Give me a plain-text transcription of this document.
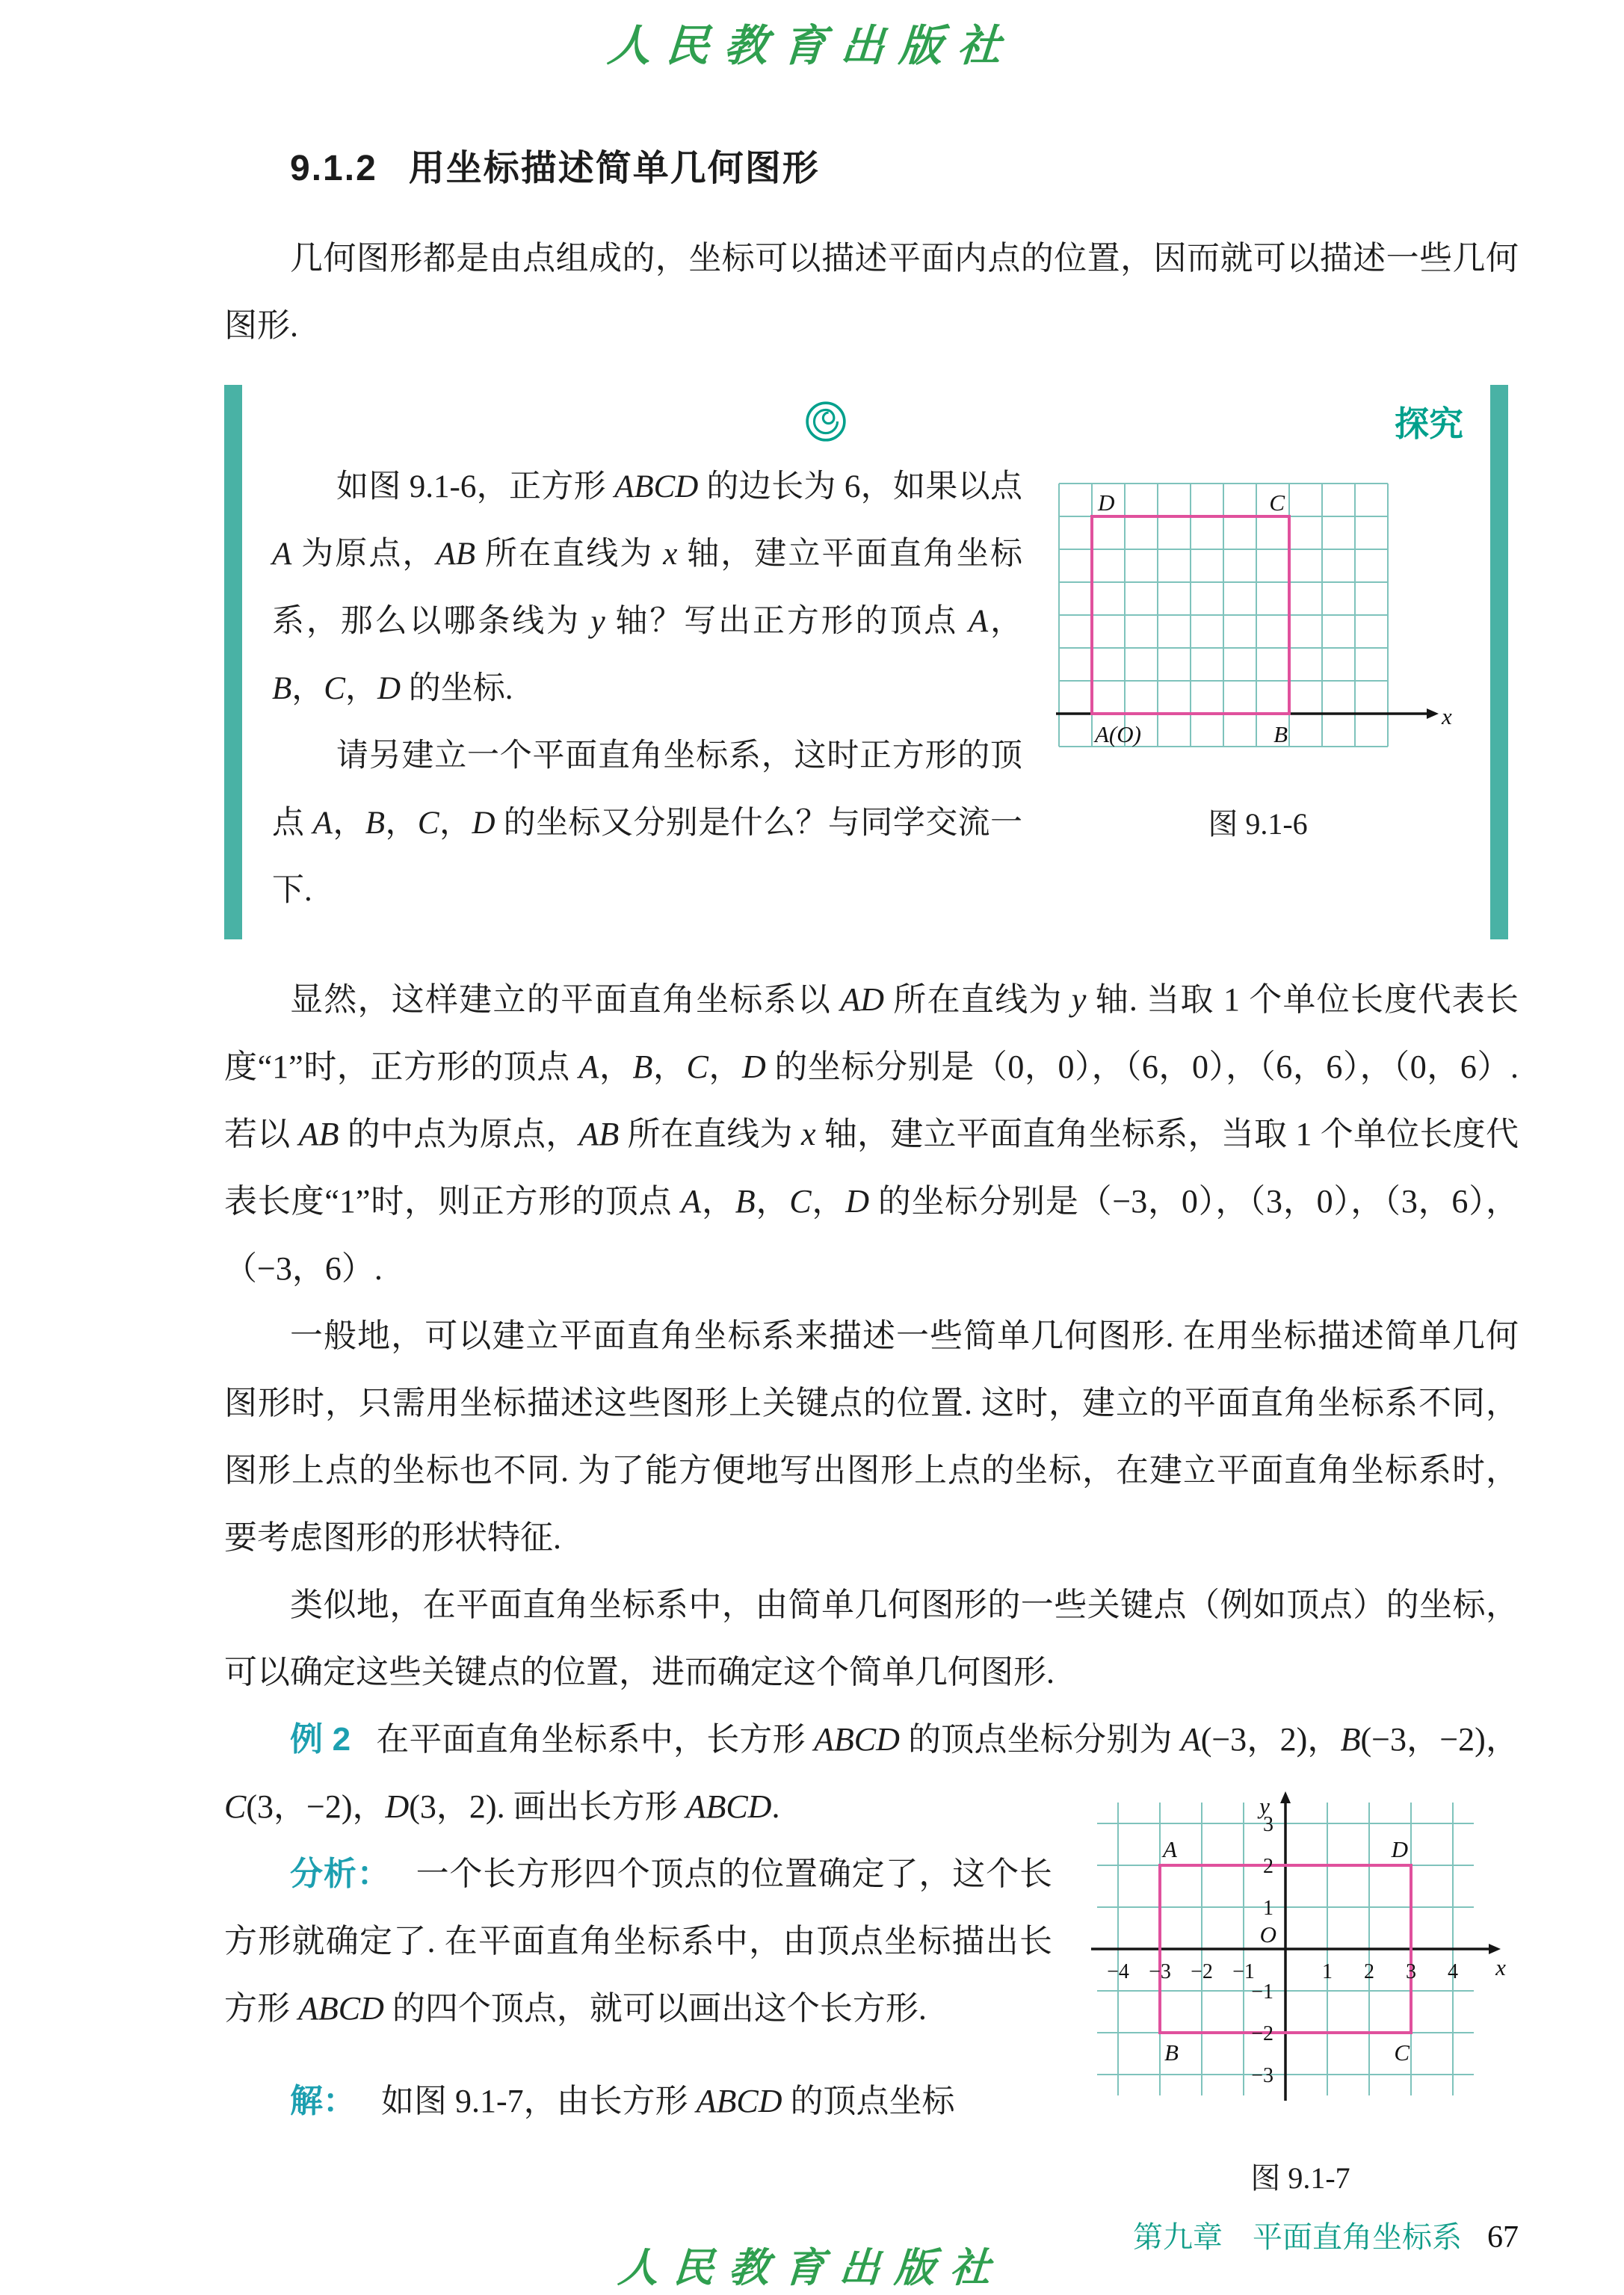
人民教育出版社
9.1.2 用坐标描述简单几何图形

几何图形都是由点组成的，坐标可以描述平面内点的位置，因而就可以描述一些几何图形.

探究

如图 9.1-6，正方形 ABCD 的边长为 6，如果以点 A 为原点，AB 所在直线为 x 轴，建立平面直角坐标系，那么以哪条线为 y 轴？写出正方形的顶点 A，B，C，D 的坐标.

请另建立一个平面直角坐标系，这时正方形的顶点 A，B，C，D 的坐标又分别是什么？与同学交流一下.

D	C
A(O)	B
x
图 9.1-6

显然，这样建立的平面直角坐标系以 AD 所在直线为 y 轴. 当取 1 个单位长度代表长度“1”时，正方形的顶点 A，B，C，D 的坐标分别是（0，0），（6，0），（6，6），（0，6）. 若以 AB 的中点为原点，AB 所在直线为 x 轴，建立平面直角坐标系，当取 1 个单位长度代表长度“1”时，则正方形的顶点 A，B，C，D 的坐标分别是（−3，0），（3，0），（3，6），（−3，6）.

一般地，可以建立平面直角坐标系来描述一些简单几何图形. 在用坐标描述简单几何图形时，只需用坐标描述这些图形上关键点的位置. 这时，建立的平面直角坐标系不同，图形上点的坐标也不同. 为了能方便地写出图形上点的坐标，在建立平面直角坐标系时，要考虑图形的形状特征.

类似地，在平面直角坐标系中，由简单几何图形的一些关键点（例如顶点）的坐标，可以确定这些关键点的位置，进而确定这个简单几何图形.

例 2 在平面直角坐标系中，长方形 ABCD 的顶点坐标分别为 A(−3，2)，B(−3，−2)，C(3，−2)，D(3，2). 画出长方形 ABCD.

x
y
O
A	D
B	C
−4 −3 −2 −1	1 2 3 4
3
2
1
−1
−2
−3
图 9.1-7

分析： 一个长方形四个顶点的位置确定了，这个长方形就确定了. 在平面直角坐标系中，由顶点坐标描出长方形 ABCD 的四个顶点，就可以画出这个长方形.

解： 如图 9.1-7，由长方形 ABCD 的顶点坐标

第九章　平面直角坐标系 67
人民教育出版社
